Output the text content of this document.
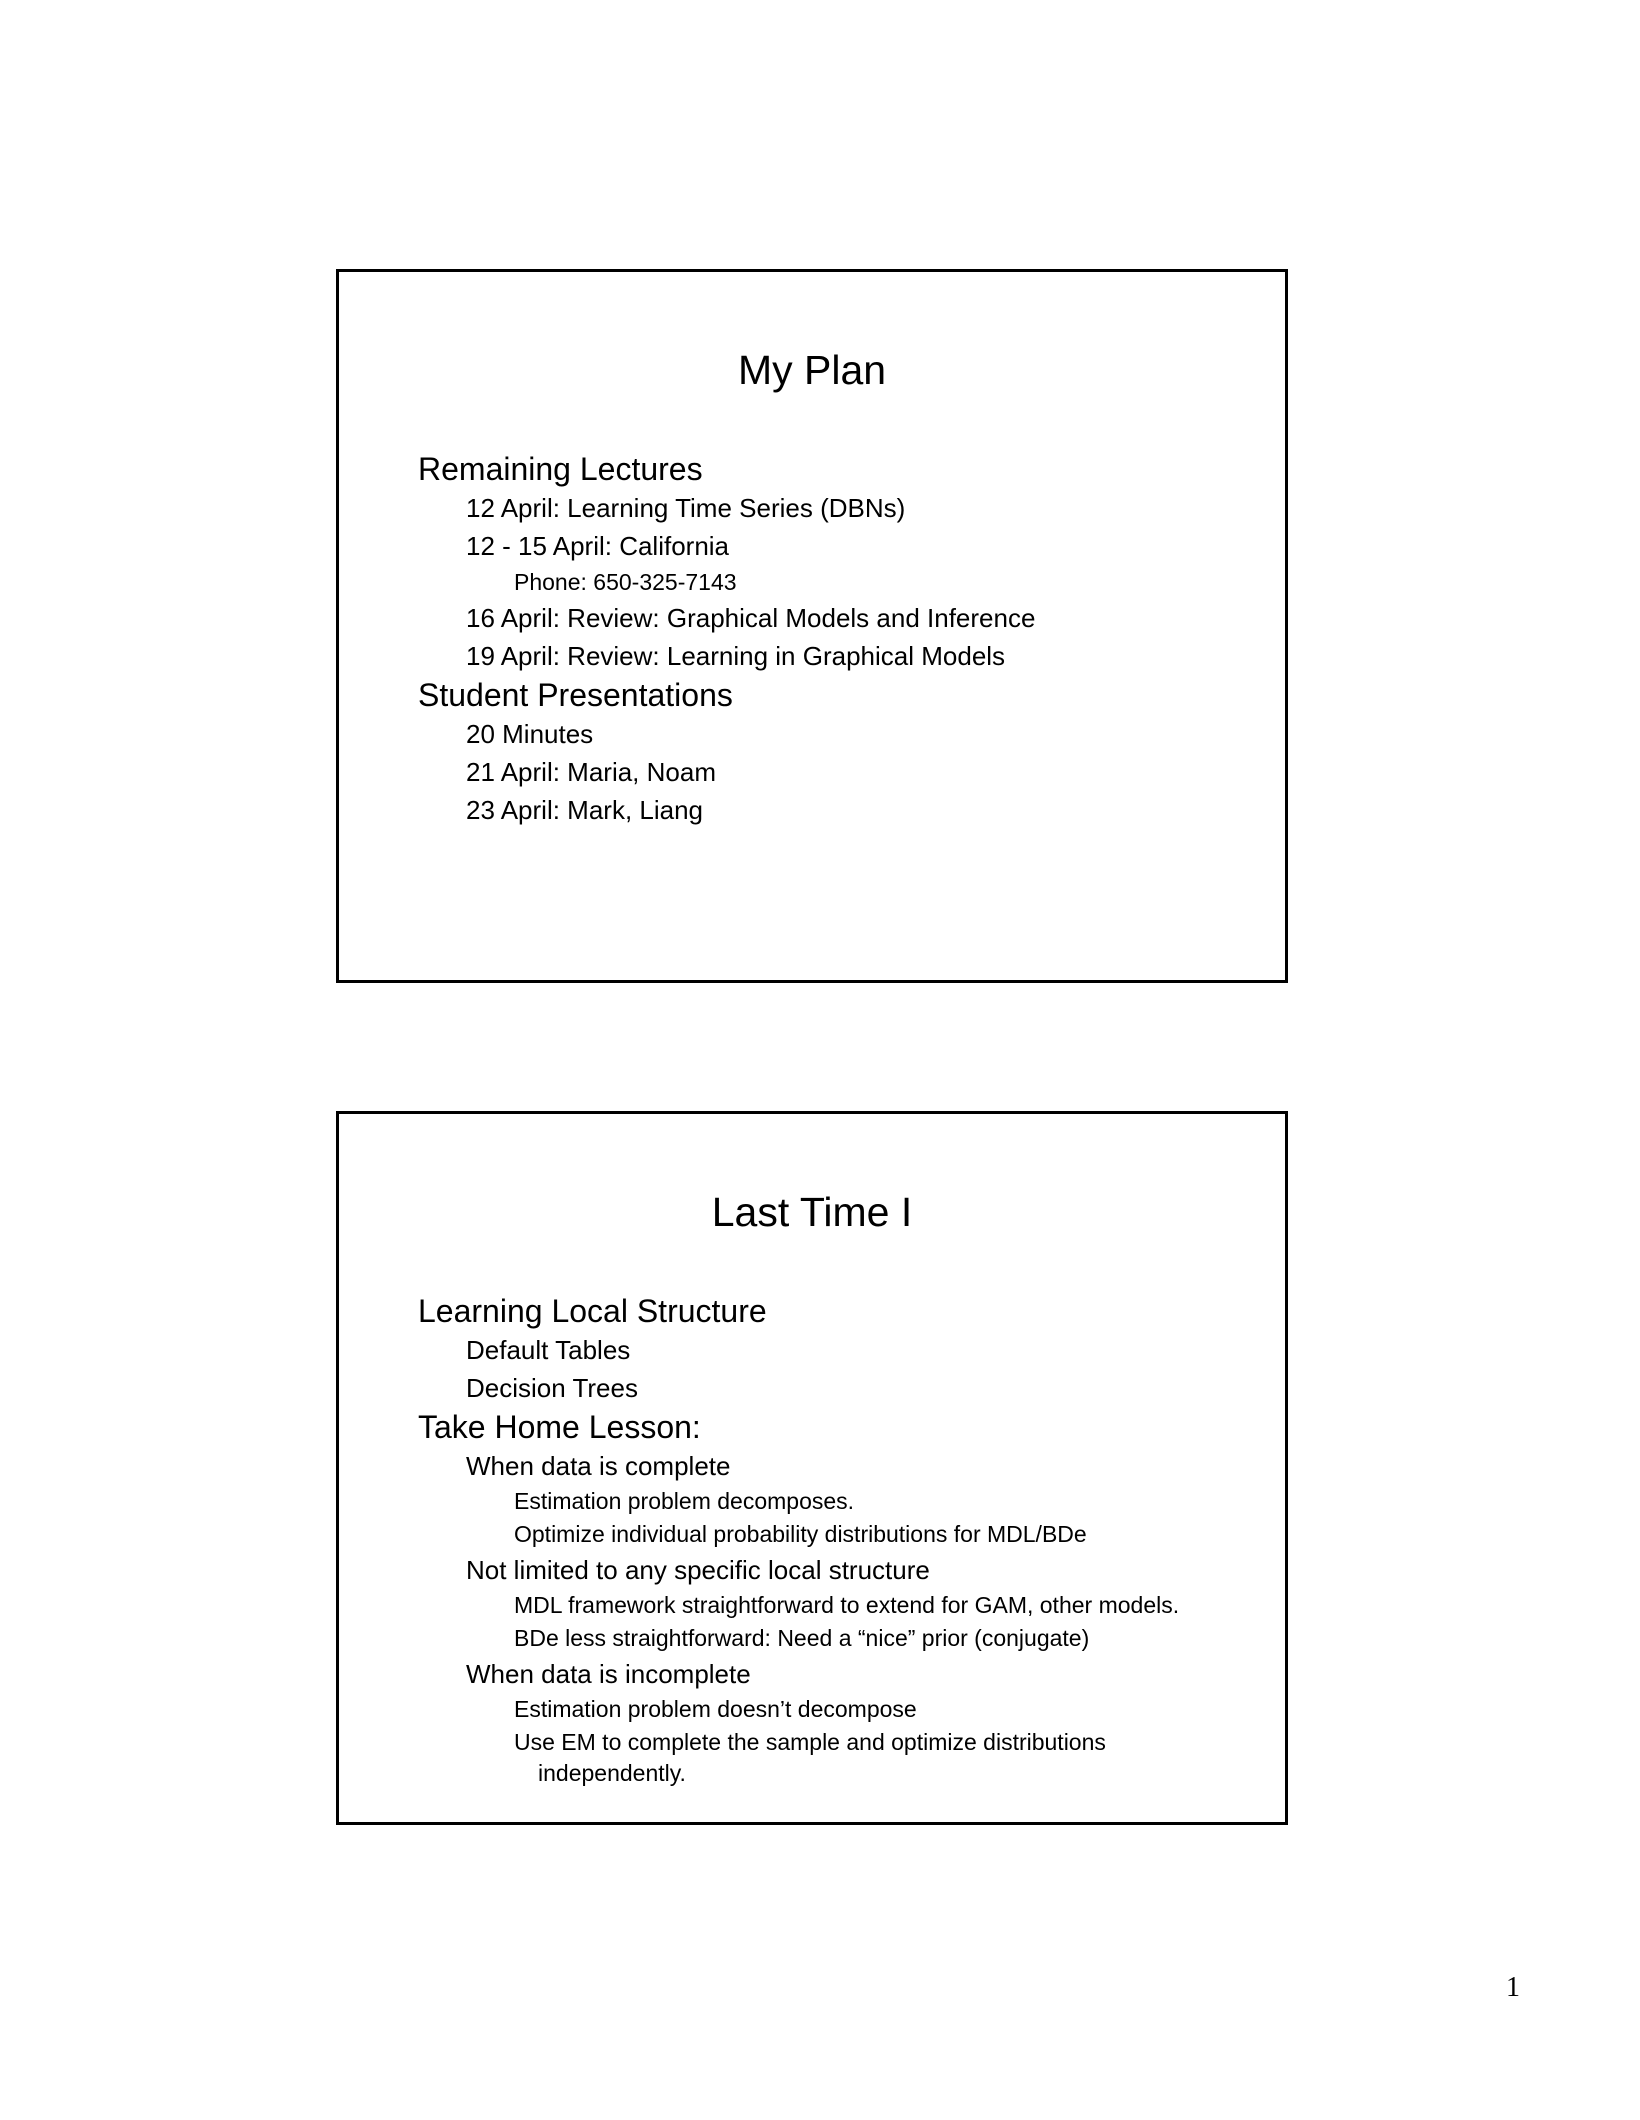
My Plan
Remaining Lectures
12 April: Learning Time Series (DBNs)
12 - 15 April: California
Phone: 650-325-7143
16 April: Review: Graphical Models and Inference
19 April: Review: Learning in Graphical Models
Student Presentations
20 Minutes
21 April: Maria, Noam
23 April: Mark, Liang
Last Time I
Learning Local Structure
Default Tables
Decision Trees
Take Home Lesson:
When data is complete
Estimation problem decomposes.
Optimize individual probability distributions for MDL/BDe
Not limited to any specific local structure
MDL framework straightforward to extend for GAM, other models.
BDe less straightforward: Need a “nice” prior (conjugate)
When data is incomplete
Estimation problem doesn’t decompose
Use EM to complete the sample and optimize distributions
independently.
1
